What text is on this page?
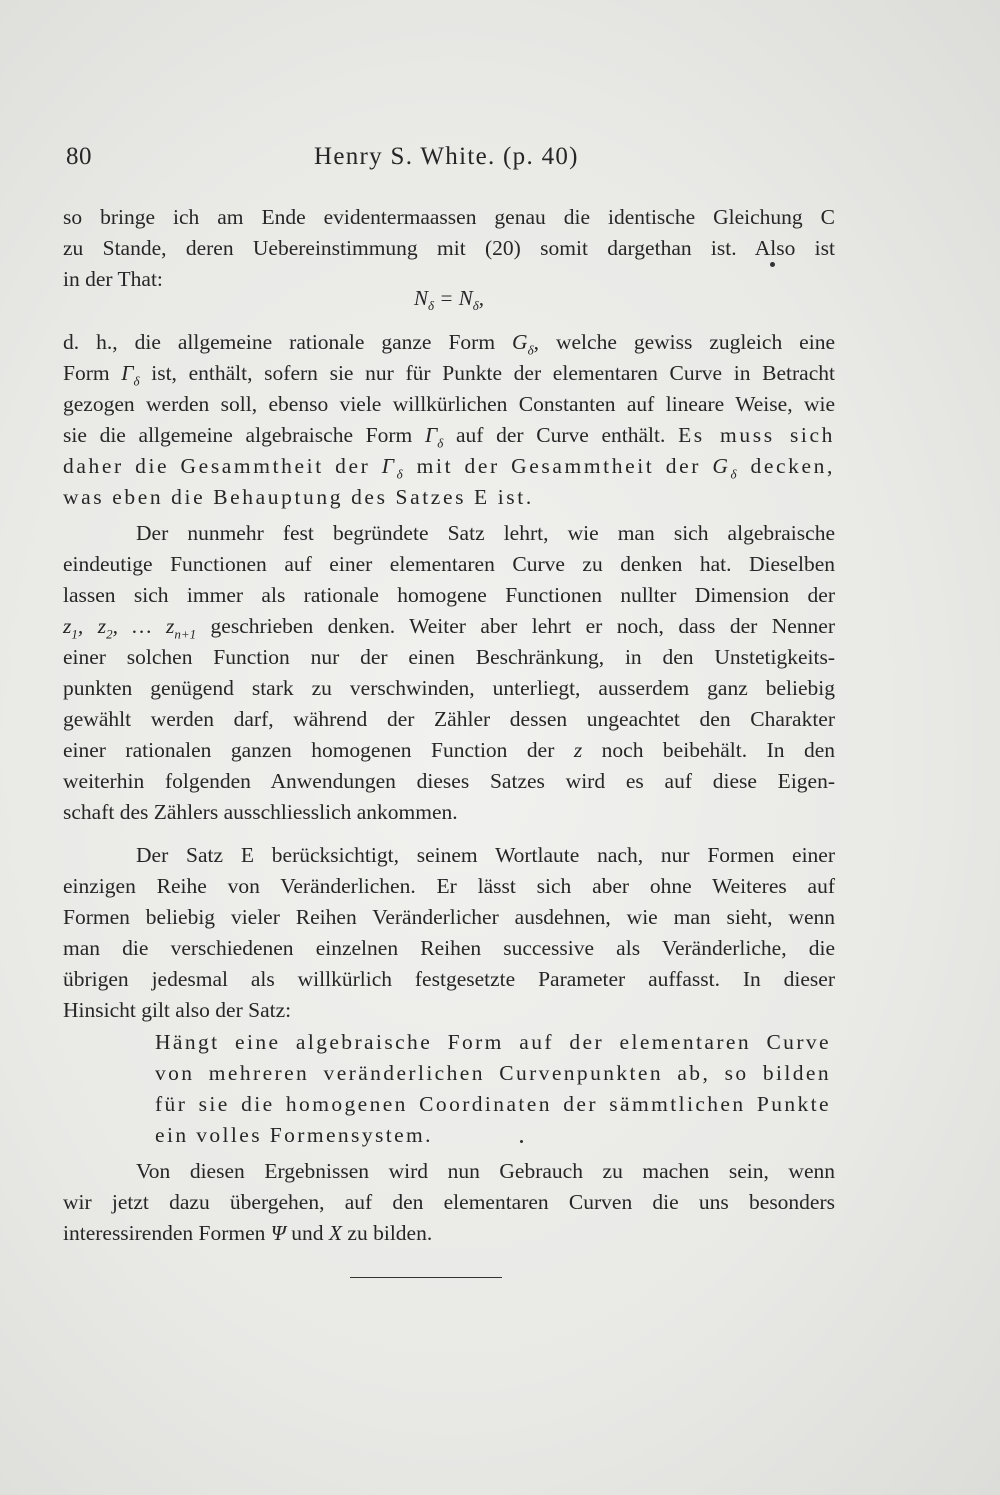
80	Henry S. White. (p. 40)
so bringe ich am Ende evidentermaassen genau die identische Gleichung C
zu Stande, deren Uebereinstimmung mit (20) somit dargethan ist. Also ist
in der That:
$N_\delta = N_\delta$,
d. h., die allgemeine rationale ganze Form $G_\delta$, welche gewiss zugleich eine
Form $\Gamma_\delta$ ist, enthält, sofern sie nur für Punkte der elementaren Curve in Betracht
gezogen werden soll, ebenso viele willkürlichen Constanten auf lineare Weise, wie
sie die allgemeine algebraische Form $\Gamma_\delta$ auf der Curve enthält. Es muss sich
daher die Gesammtheit der $\Gamma_\delta$ mit der Gesammtheit der $G_\delta$ decken,
was eben die Behauptung des Satzes E ist.
Der nunmehr fest begründete Satz lehrt, wie man sich algebraische
eindeutige Functionen auf einer elementaren Curve zu denken hat. Dieselben
lassen sich immer als rationale homogene Functionen nullter Dimension der
$z_1$, $z_2$, … $z_{n+1}$ geschrieben denken. Weiter aber lehrt er noch, dass der Nenner
einer solchen Function nur der einen Beschränkung, in den Unstetigkeits-
punkten genügend stark zu verschwinden, unterliegt, ausserdem ganz beliebig
gewählt werden darf, während der Zähler dessen ungeachtet den Charakter
einer rationalen ganzen homogenen Function der z noch beibehält. In den
weiterhin folgenden Anwendungen dieses Satzes wird es auf diese Eigen-
schaft des Zählers ausschliesslich ankommen.
Der Satz E berücksichtigt, seinem Wortlaute nach, nur Formen einer
einzigen Reihe von Veränderlichen. Er lässt sich aber ohne Weiteres auf
Formen beliebig vieler Reihen Veränderlicher ausdehnen, wie man sieht, wenn
man die verschiedenen einzelnen Reihen successive als Veränderliche, die
übrigen jedesmal als willkürlich festgesetzte Parameter auffasst. In dieser
Hinsicht gilt also der Satz:
Hängt eine algebraische Form auf der elementaren Curve
von mehreren veränderlichen Curvenpunkten ab, so bilden
für sie die homogenen Coordinaten der sämmtlichen Punkte
ein volles Formensystem.
Von diesen Ergebnissen wird nun Gebrauch zu machen sein, wenn
wir jetzt dazu übergehen, auf den elementaren Curven die uns besonders
interessirenden Formen Ψ und X zu bilden.
